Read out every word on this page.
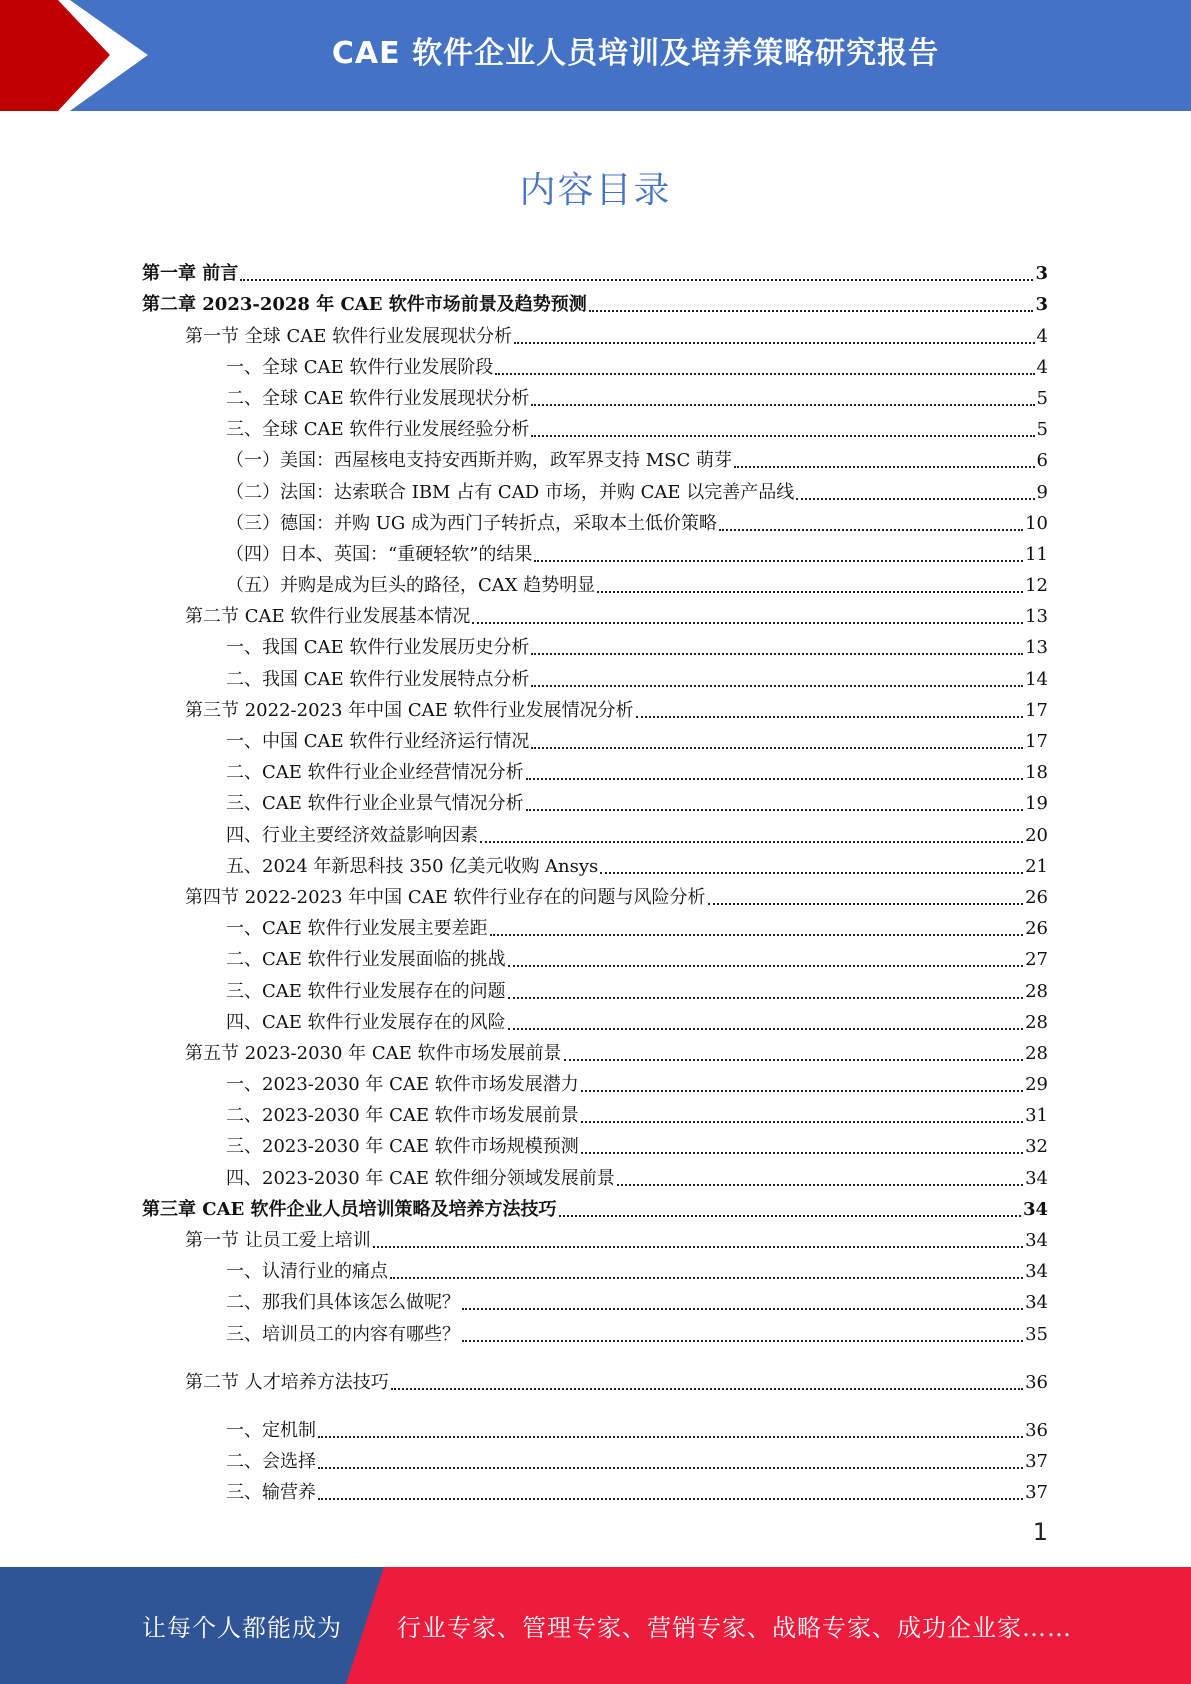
CAE 软件企业人员培训及培养策略研究报告
内容目录
第一章 前言	3
第二章 2023-2028 年 CAE 软件市场前景及趋势预测	3
第一节 全球 CAE 软件行业发展现状分析	4
一、全球 CAE 软件行业发展阶段	4
二、全球 CAE 软件行业发展现状分析	5
三、全球 CAE 软件行业发展经验分析	5
（一）美国：西屋核电支持安西斯并购，政军界支持 MSC 萌芽	6
（二）法国：达索联合 IBM 占有 CAD 市场，并购 CAE 以完善产品线	9
（三）德国：并购 UG 成为西门子转折点，采取本土低价策略	10
（四）日本、英国：“重硬轻软”的结果	11
（五）并购是成为巨头的路径，CAX 趋势明显	12
第二节 CAE 软件行业发展基本情况	13
一、我国 CAE 软件行业发展历史分析	13
二、我国 CAE 软件行业发展特点分析	14
第三节 2022-2023 年中国 CAE 软件行业发展情况分析	17
一、中国 CAE 软件行业经济运行情况	17
二、CAE 软件行业企业经营情况分析	18
三、CAE 软件行业企业景气情况分析	19
四、行业主要经济效益影响因素	20
五、2024 年新思科技 350 亿美元收购 Ansys	21
第四节 2022-2023 年中国 CAE 软件行业存在的问题与风险分析	26
一、CAE 软件行业发展主要差距	26
二、CAE 软件行业发展面临的挑战	27
三、CAE 软件行业发展存在的问题	28
四、CAE 软件行业发展存在的风险	28
第五节 2023-2030 年 CAE 软件市场发展前景	28
一、2023-2030 年 CAE 软件市场发展潜力	29
二、2023-2030 年 CAE 软件市场发展前景	31
三、2023-2030 年 CAE 软件市场规模预测	32
四、2023-2030 年 CAE 软件细分领域发展前景	34
第三章 CAE 软件企业人员培训策略及培养方法技巧	34
第一节 让员工爱上培训	34
一、认清行业的痛点	34
二、那我们具体该怎么做呢？	34
三、培训员工的内容有哪些？	35
第二节 人才培养方法技巧	36
一、定机制	36
二、会选择	37
三、输营养	37
1
让每个人都能成为 行业专家、管理专家、营销专家、战略专家、成功企业家……
